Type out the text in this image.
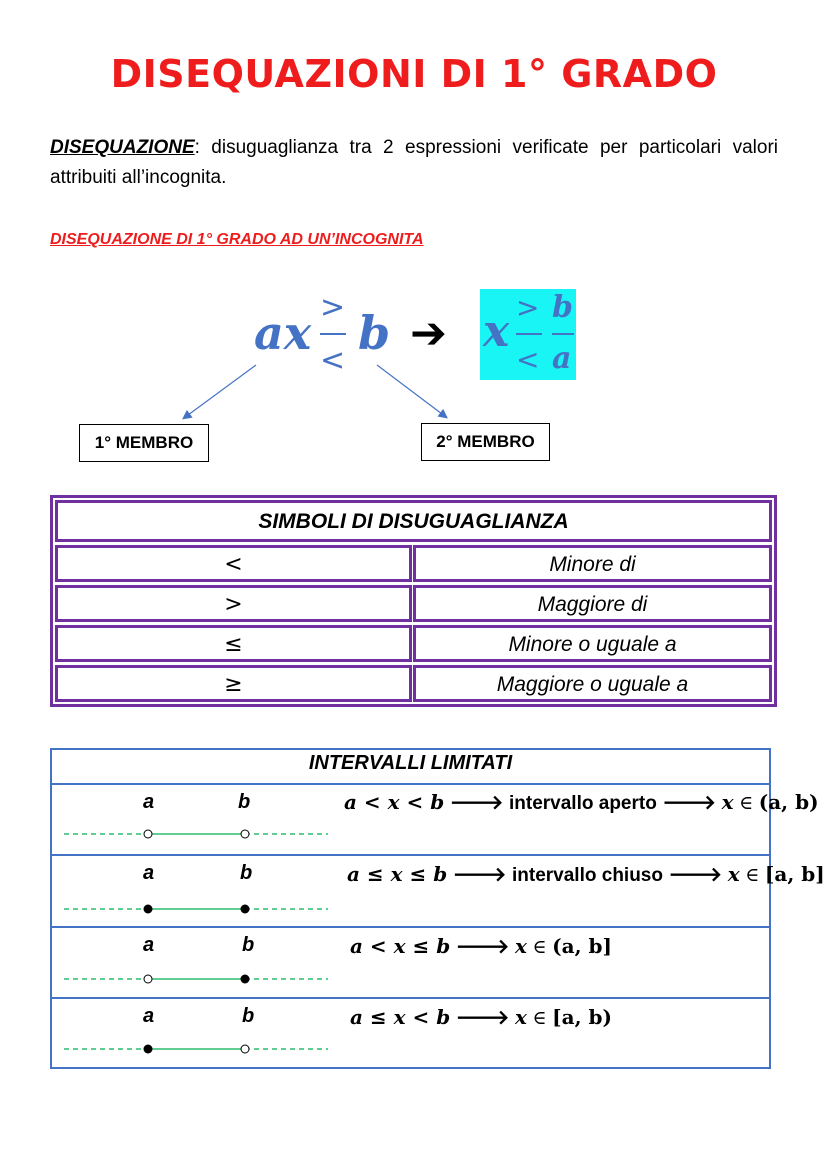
DISEQUAZIONI DI 1° GRADO
DISEQUAZIONE: disuguaglianza tra 2 espressioni verificate per particolari valori attribuiti all’incognita.
DISEQUAZIONE DI 1° GRADO AD UN’INCOGNITA
ax >
<
b ➔ x > b
< a
1° MEMBRO	2° MEMBRO
SIMBOLI DI DISUGUAGLIANZA
<	Minore di
>	Maggiore di
≤	Minore o uguale a
≥	Maggiore o uguale a
INTERVALLI LIMITATI
a	b	a < x < b 🡒 intervallo aperto 🡒 x ∈ (a, b)
a	b	a ≤ x ≤ b 🡒 intervallo chiuso 🡒 x ∈ [a, b]
a	b	a < x ≤ b 🡒 x ∈ (a, b]
a	b	a ≤ x < b 🡒 x ∈ [a, b)
